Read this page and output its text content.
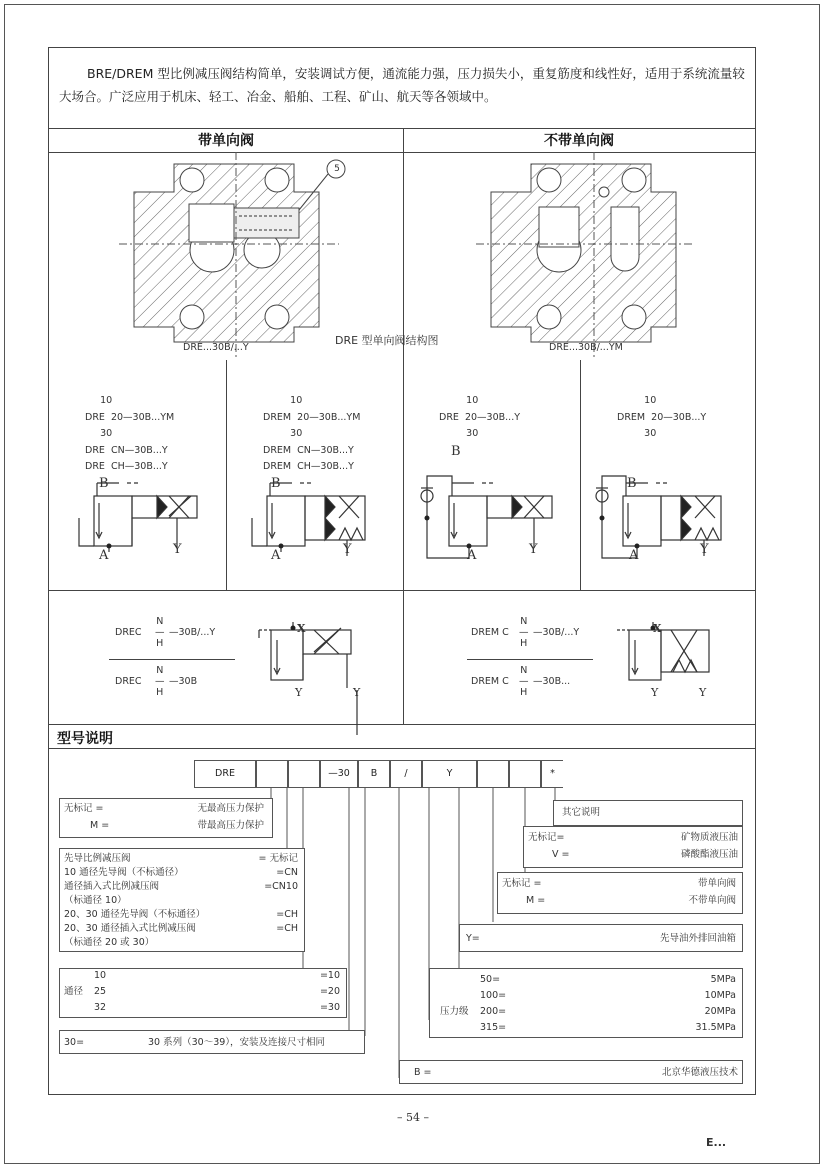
BRE/DREM 型比例减压阀结构简单，安装调试方便，通流能力强，压力损失小，重复筋度和线性好，适用于系统流量较大场合。广泛应用于机床、轻工、冶金、船舶、工程、矿山、航天等各领域中。
带单向阀	不带单向阀
型号说明
5
DRE 型单向阀结构图
DRE...30B/...Y	DRE...30B/...YM

10
DRE  20—30B...YM
30
DRE  CN—30B...Y
DRE  CH—30B...Y

10
DREM  20—30B...YM
30
DREM  CN—30B...Y
DREM  CH—30B...Y

10
DRE  20—30B...Y
30

10
DREM  20—30B...Y
30

B	B
B
B
A	A	A	A
Y	Y	Y	Y
DREC
N
—
H
—30B/...Y
DREC
N
—
H
—30B
DREM C
N
—
H
—30B/...Y
DREM C
N
—
H
—30B...
X	X
Y	Y	Y	Y
DRE	—30	B	/	Y	*
其它说明
无标记=	矿物质液压油
V =	磷酸酯液压油
无标记 =	带单向阀
M =	不带单向阀
Y=	先导油外排回油箱
50=	5MPa
100=	10MPa
压力级 200=	20MPa
315=	31.5MPa
B =	北京华德液压技术
无标记 =	无最高压力保护
M =	带最高压力保护
先导比例减压阀	= 无标记
10 通径先导阀（不标通径）	=CN
通径插入式比例减压阀	=CN10
（标通径 10）
20、30 通径先导阀（不标通径）	=CH
20、30 通径插入式比例减压阀	=CH
（标通径 20 或 30）
10	=10
通径 25	=20
32	=30
30=	30 系列（30～39），安装及连接尺寸相同
– 54 –
E...
